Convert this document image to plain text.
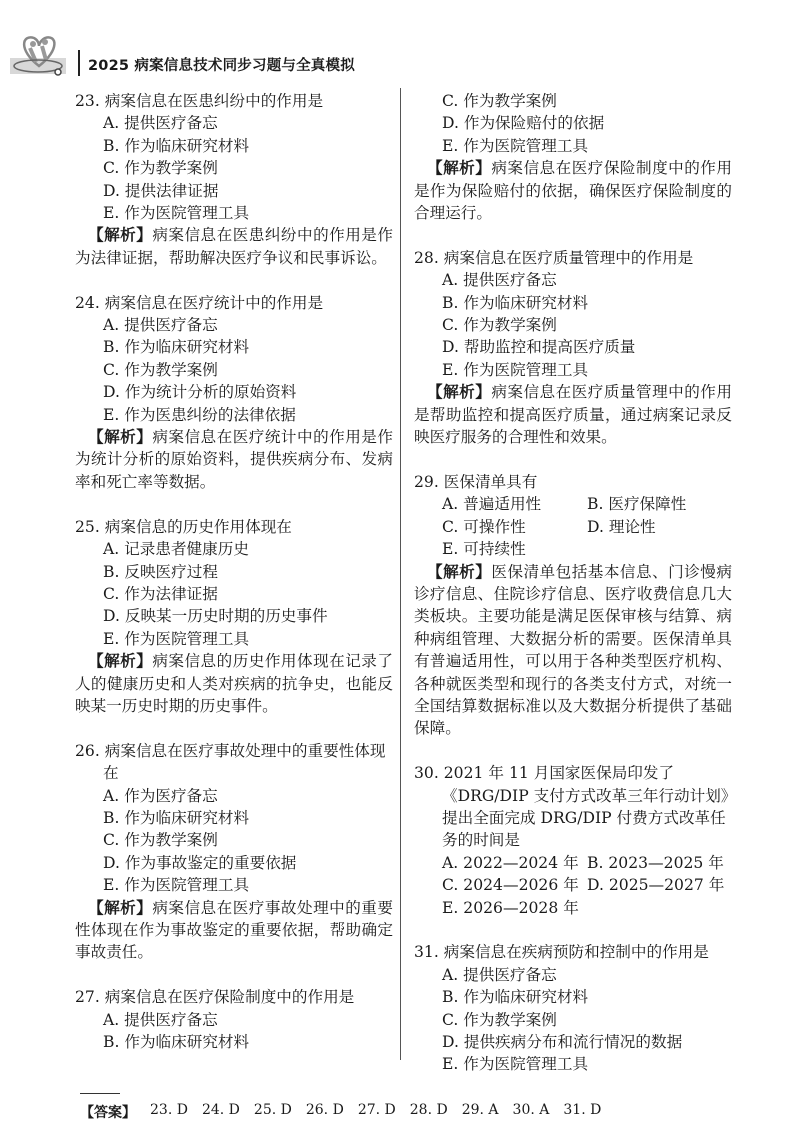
2025 病案信息技术同步习题与全真模拟
23. 病案信息在医患纠纷中的作用是
A. 提供医疗备忘
B. 作为临床研究材料
C. 作为教学案例
D. 提供法律证据
E. 作为医院管理工具
【解析】病案信息在医患纠纷中的作用是作为法律证据，帮助解决医疗争议和民事诉讼。
24. 病案信息在医疗统计中的作用是
A. 提供医疗备忘
B. 作为临床研究材料
C. 作为教学案例
D. 作为统计分析的原始资料
E. 作为医患纠纷的法律依据
【解析】病案信息在医疗统计中的作用是作为统计分析的原始资料，提供疾病分布、发病率和死亡率等数据。
25. 病案信息的历史作用体现在
A. 记录患者健康历史
B. 反映医疗过程
C. 作为法律证据
D. 反映某一历史时期的历史事件
E. 作为医院管理工具
【解析】病案信息的历史作用体现在记录了人的健康历史和人类对疾病的抗争史，也能反映某一历史时期的历史事件。
26. 病案信息在医疗事故处理中的重要性体现在
A. 作为医疗备忘
B. 作为临床研究材料
C. 作为教学案例
D. 作为事故鉴定的重要依据
E. 作为医院管理工具
【解析】病案信息在医疗事故处理中的重要性体现在作为事故鉴定的重要依据，帮助确定事故责任。
27. 病案信息在医疗保险制度中的作用是
A. 提供医疗备忘
B. 作为临床研究材料
C. 作为教学案例
D. 作为保险赔付的依据
E. 作为医院管理工具
【解析】病案信息在医疗保险制度中的作用是作为保险赔付的依据，确保医疗保险制度的合理运行。
28. 病案信息在医疗质量管理中的作用是
A. 提供医疗备忘
B. 作为临床研究材料
C. 作为教学案例
D. 帮助监控和提高医疗质量
E. 作为医院管理工具
【解析】病案信息在医疗质量管理中的作用是帮助监控和提高医疗质量，通过病案记录反映医疗服务的合理性和效果。
29. 医保清单具有
A. 普遍适用性	B. 医疗保障性
C. 可操作性	D. 理论性
E. 可持续性
【解析】医保清单包括基本信息、门诊慢病诊疗信息、住院诊疗信息、医疗收费信息几大类板块。主要功能是满足医保审核与结算、病种病组管理、大数据分析的需要。医保清单具有普遍适用性，可以用于各种类型医疗机构、各种就医类型和现行的各类支付方式，对统一全国结算数据标准以及大数据分析提供了基础保障。
30. 2021 年 11 月国家医保局印发了《DRG/DIP 支付方式改革三年行动计划》提出全面完成 DRG/DIP 付费方式改革任务的时间是
A. 2022—2024 年 B. 2023—2025 年
C. 2024—2026 年 D. 2025—2027 年
E. 2026—2028 年
31. 病案信息在疾病预防和控制中的作用是
A. 提供医疗备忘
B. 作为临床研究材料
C. 作为教学案例
D. 提供疾病分布和流行情况的数据
E. 作为医院管理工具
【答案】 23. D 24. D 25. D 26. D 27. D 28. D 29. A 30. A 31. D
